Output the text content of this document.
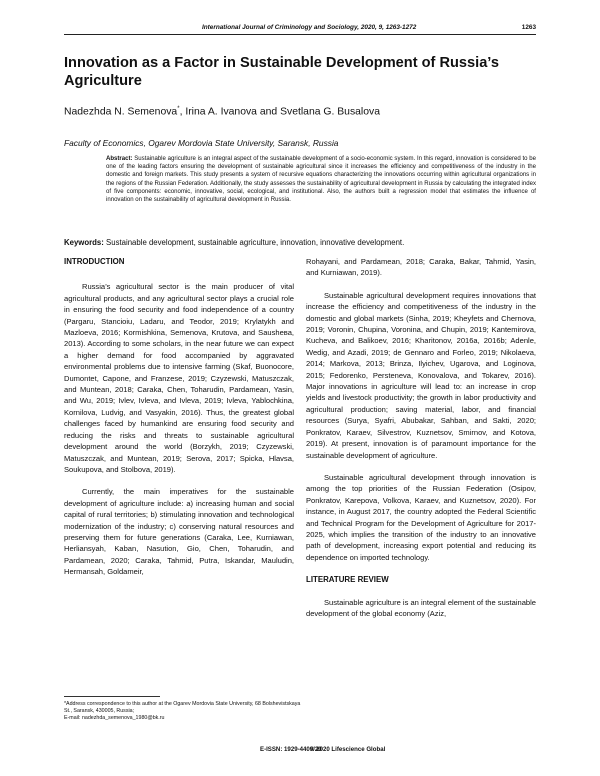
International Journal of Criminology and Sociology, 2020, 9, 1263-1272	1263
Innovation as a Factor in Sustainable Development of Russia’s Agriculture
Nadezhda N. Semenova*, Irina A. Ivanova and Svetlana G. Busalova
Faculty of Economics, Ogarev Mordovia State University, Saransk, Russia
Abstract: Sustainable agriculture is an integral aspect of the sustainable development of a socio-economic system. In this regard, innovation is considered to be one of the leading factors ensuring the development of sustainable agricultural since it increases the efficiency and competitiveness of the industry in the domestic and foreign markets. This study presents a system of recursive equations characterizing the innovations occurring within agricultural organizations in the regions of the Russian Federation. Additionally, the study assesses the sustainability of agricultural development in Russia by calculating the integrated index of five components: economic, innovative, social, ecological, and institutional. Also, the authors built a regression model that estimates the influence of innovation on the sustainability of agricultural development in Russia.
Keywords: Sustainable development, sustainable agriculture, innovation, innovative development.
INTRODUCTION

Russia’s agricultural sector is the main producer of vital agricultural products, and any agricultural sector plays a crucial role in ensuring the food security and food independence of a country (Pargaru, Stancioiu, Ladaru, and Teodor, 2019; Krylatykh and Mazloeva, 2016; Kormishkina, Semenova, Krutova, and Saushева, 2013). According to some scholars, in the near future we can expect a higher demand for food accompanied by aggravated environmental problems due to intensive farming (Skaf, Buonocore, Dumontet, Capone, and Franzese, 2019; Czyzewski, Matuszczak, and Muntean, 2018; Caraka, Chen, Toharudin, Pardamean, Yasin, and Wu, 2019; Ivlev, Ivleva, and Ivleva, 2019; Ivleva, Yablochkina, Kornilova, Ludvig, and Vasyakin, 2016). Thus, the greatest global challenges faced by humankind are ensuring food security and reducing the risks and threats to sustainable agricultural development around the world (Borzykh, 2019; Czyzewski, Matuszczak, and Muntean, 2019; Serova, 2017; Spicka, Hlavsa, Soukupova, and Stolbova, 2019).

Currently, the main imperatives for the sustainable development of agriculture include: a) increasing human and social capital of rural territories; b) stimulating innovation and technological modernization of the industry; c) conserving natural resources and preserving them for future generations (Caraka, Lee, Kurniawan, Herliansyah, Kaban, Nasution, Gio, Chen, Toharudin, and Pardamean, 2020; Caraka, Tahmid, Putra, Iskandar, Mauludin, Hermansah, Goldameir,

Rohayani, and Pardamean, 2018; Caraka, Bakar, Tahmid, Yasin, and Kurniawan, 2019).

Sustainable agricultural development requires innovations that increase the efficiency and competitiveness of the industry in the domestic and global markets (Sinha, 2019; Kheyfets and Chernova, 2019; Voronin, Chupina, Voronina, and Chupin, 2019; Kantemirova, Kucheva, and Balikoev, 2016; Kharitonov, 2016a, 2016b; Adenle, Wedig, and Azadi, 2019; de Gennaro and Forleo, 2019; Nikolaeva, 2014; Markova, 2013; Brinza, Ilyichev, Ugarova, and Loginova, 2015; Fedorenko, Persteneva, Konovalova, and Tokarev, 2016). Major innovations in agriculture will lead to: an increase in crop yields and livestock productivity; the growth in labor productivity and agricultural production; saving material, labor, and financial resources (Surya, Syafri, Abubakar, Sahban, and Sakti, 2020; Ponkratov, Karaev, Silvestrov, Kuznetsov, Smirnov, and Kotova, 2019). At present, innovation is of paramount importance for the sustainable development of agriculture.

Sustainable agricultural development through innovation is among the top priorities of the Russian Federation (Osipov, Ponkratov, Karepova, Volkova, Karaev, and Kuznetsov, 2020). For instance, in August 2017, the country adopted the Federal Scientific and Technical Program for the Development of Agriculture for 2017-2025, which implies the transition of the industry to an innovative path of development, increasing export potential and reducing its dependence on imported technology.

LITERATURE REVIEW

Sustainable agriculture is an integral element of the sustainable development of the global economy (Aziz,

*Address correspondence to this author at the Ogarev Mordovia State University, 68 Bolshevistskaya St., Saransk, 430005, Russia;
E-mail: nadezhda_semenova_1980@bk.ru
E-ISSN: 1929-4409/20
© 2020 Lifescience Global
